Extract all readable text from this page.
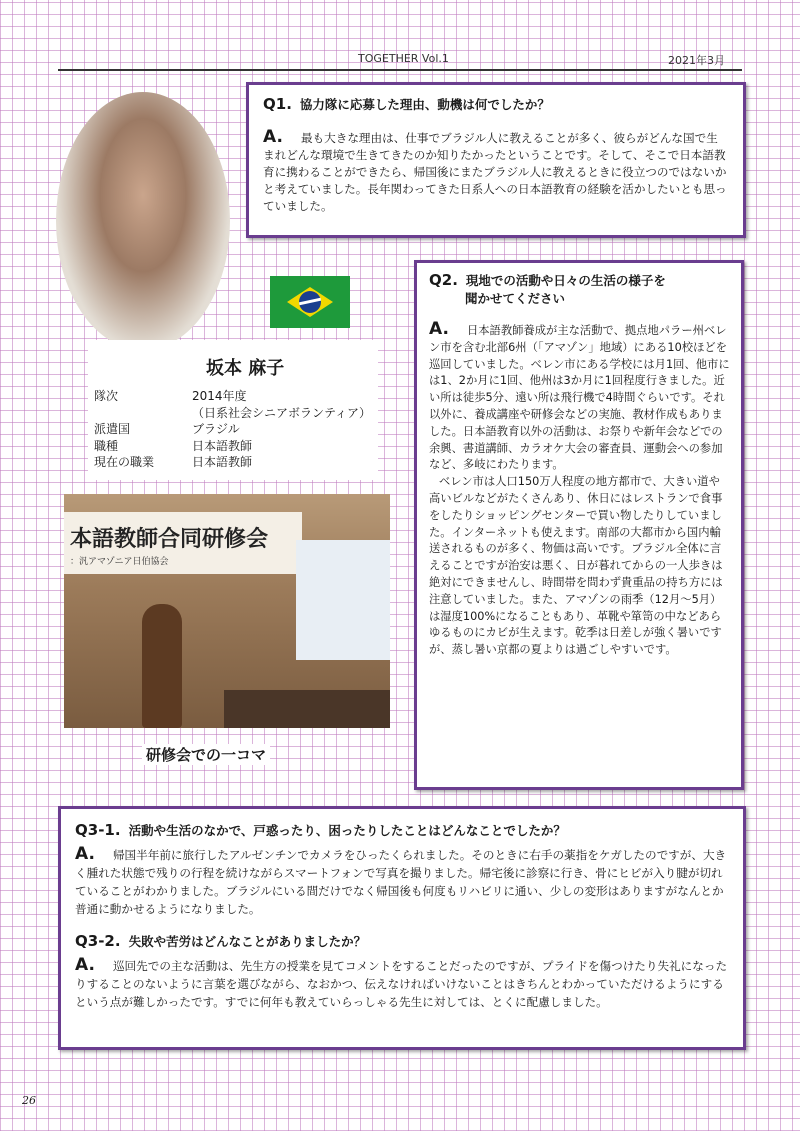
TOGETHER Vol.1	2021年3月
Q1. 協力隊に応募した理由、動機は何でしたか？
A. 最も大きな理由は、仕事でブラジル人に教えることが多く、彼らがどんな国で生まれどんな環境で生きてきたのか知りたかったということです。そして、そこで日本語教育に携わることができたら、帰国後にまたブラジル人に教えるときに役立つのではないかと考えていました。長年関わってきた日系人への日本語教育の経験を活かしたいとも思っていました。
坂本 麻子
隊次	2014年度
	（日系社会シニアボランティア）
派遣国	ブラジル
職種	日本語教師
現在の職業	日本語教師
本語教師合同研修会
：汎アマゾニア日伯協会
研修会での一コマ
Q2. 現地での活動や日々の生活の様子を
聞かせてください
A. 日本語教師養成が主な活動で、拠点地パラー州ベレン市を含む北部6州（「アマゾン」地域）にある10校ほどを巡回していました。ベレン市にある学校には月1回、他市には1、2か月に1回、他州は3か月に1回程度行きました。近い所は徒歩5分、遠い所は飛行機で4時間ぐらいです。それ以外に、養成講座や研修会などの実施、教材作成もありました。日本語教育以外の活動は、お祭りや新年会などでの余興、書道講師、カラオケ大会の審査員、運動会への参加など、多岐にわたります。
ベレン市は人口150万人程度の地方都市で、大きい道や高いビルなどがたくさんあり、休日にはレストランで食事をしたりショッピングセンターで買い物したりしていました。インターネットも使えます。南部の大都市から国内輸送されるものが多く、物価は高いです。ブラジル全体に言えることですが治安は悪く、日が暮れてからの一人歩きは絶対にできませんし、時間帯を問わず貴重品の持ち方には注意していました。また、アマゾンの雨季（12月～5月）は湿度100%になることもあり、革靴や箪笥の中などあらゆるものにカビが生えます。乾季は日差しが強く暑いですが、蒸し暑い京都の夏よりは過ごしやすいです。
Q3-1. 活動や生活のなかで、戸惑ったり、困ったりしたことはどんなことでしたか？
A. 帰国半年前に旅行したアルゼンチンでカメラをひったくられました。そのときに右手の薬指をケガしたのですが、大きく腫れた状態で残りの行程を続けながらスマートフォンで写真を撮りました。帰宅後に診察に行き、骨にヒビが入り腱が切れていることがわかりました。ブラジルにいる間だけでなく帰国後も何度もリハビリに通い、少しの変形はありますがなんとか普通に動かせるようになりました。
Q3-2. 失敗や苦労はどんなことがありましたか？
A. 巡回先での主な活動は、先生方の授業を見てコメントをすることだったのですが、プライドを傷つけたり失礼になったりすることのないように言葉を選びながら、なおかつ、伝えなければいけないことはきちんとわかっていただけるようにするという点が難しかったです。すでに何年も教えていらっしゃる先生に対しては、とくに配慮しました。
26
